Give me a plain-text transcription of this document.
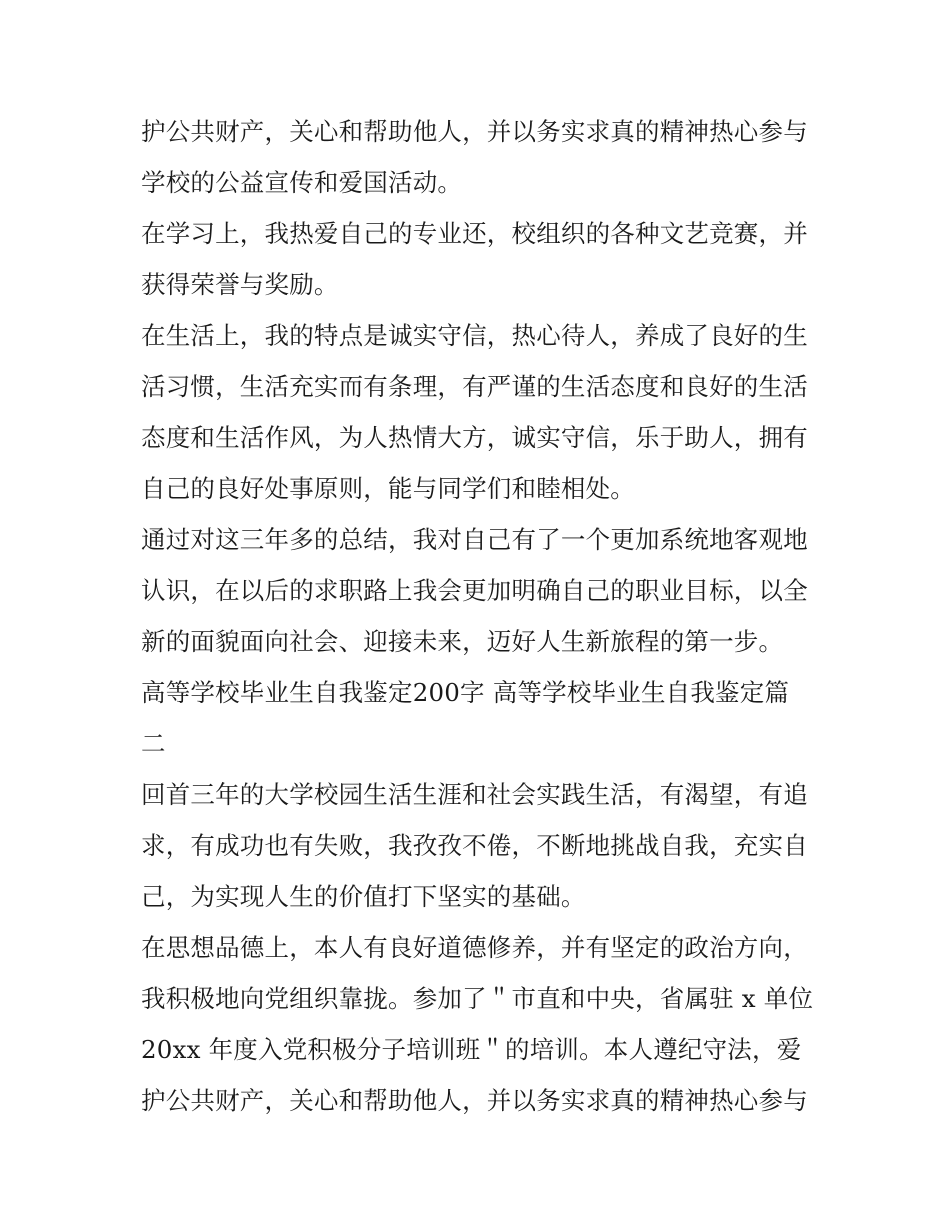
护公共财产，关心和帮助他人，并以务实求真的精神热心参与
学校的公益宣传和爱国活动。
在学习上，我热爱自己的专业还，校组织的各种文艺竞赛，并
获得荣誉与奖励。
在生活上，我的特点是诚实守信，热心待人，养成了良好的生
活习惯，生活充实而有条理，有严谨的生活态度和良好的生活
态度和生活作风，为人热情大方，诚实守信，乐于助人，拥有
自己的良好处事原则，能与同学们和睦相处。
通过对这三年多的总结，我对自己有了一个更加系统地客观地
认识，在以后的求职路上我会更加明确自己的职业目标，以全
新的面貌面向社会、迎接未来，迈好人生新旅程的第一步。
高等学校毕业生自我鉴定200字 高等学校毕业生自我鉴定篇
二
回首三年的大学校园生活生涯和社会实践生活，有渴望，有追
求，有成功也有失败，我孜孜不倦，不断地挑战自我，充实自
己，为实现人生的价值打下坚实的基础。
在思想品德上，本人有良好道德修养，并有坚定的政治方向，
我积极地向党组织靠拢。参加了＂市直和中央，省属驻 x 单位
20xx 年度入党积极分子培训班＂的培训。本人遵纪守法，爱
护公共财产，关心和帮助他人，并以务实求真的精神热心参与
